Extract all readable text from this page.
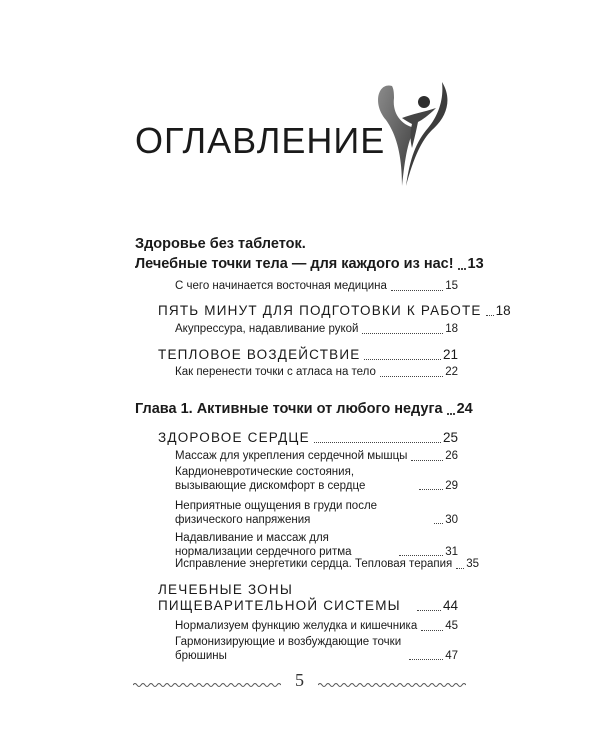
ОГЛАВЛЕНИЕ
Здоровье без таблеток.
Лечебные точки тела — для каждого из нас! 13
С чего начинается восточная медицина	15
ПЯТЬ МИНУТ ДЛЯ ПОДГОТОВКИ К РАБОТЕ 18
Акупрессура, надавливание рукой	18
ТЕПЛОВОЕ ВОЗДЕЙСТВИЕ	21
Как перенести точки с атласа на тело	22
Глава 1. Активные точки от любого недуга 24
ЗДОРОВОЕ СЕРДЦЕ	25
Массаж для укрепления сердечной мышцы	26
Кардионевротические состояния, вызывающие дискомфорт в сердце	29
Неприятные ощущения в груди после физического напряжения	30
Надавливание и массаж для нормализации сердечного ритма	31
Исправление энергетики сердца. Тепловая терапия 35
ЛЕЧЕБНЫЕ ЗОНЫ ПИЩЕВАРИТЕЛЬНОЙ СИСТЕМЫ	44
Нормализуем функцию желудка и кишечника 45
Гармонизирующие и возбуждающие точки брюшины	47
5
